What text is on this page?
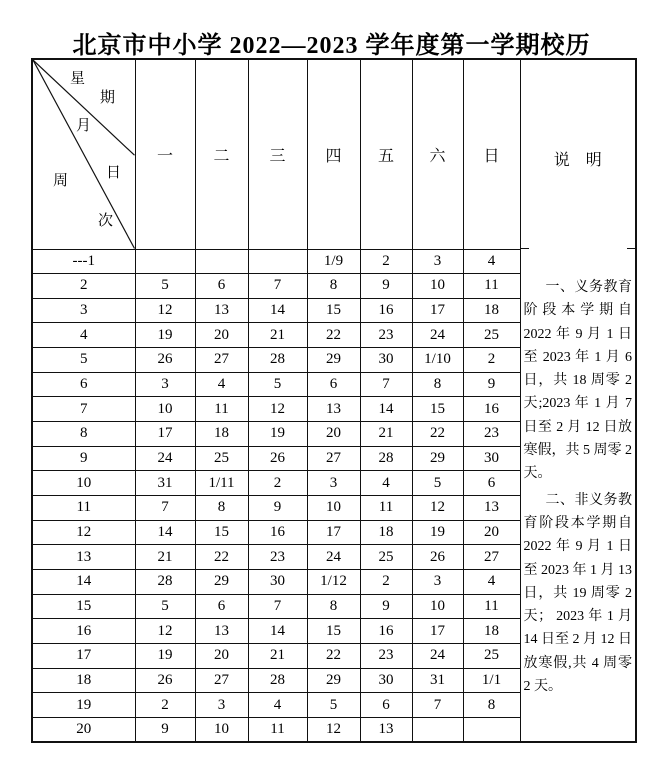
北京市中小学 2022—2023 学年度第一学期校历
星
期
月
日
周
次
	一	二	三	四	五	六	日	说　明
一、义务教育
阶段本学期自
2022 年 9 月 1 日
至 2023 年 1 月 6
日，共 18 周零 2
天;2023 年 1 月 7
日至 2 月 12 日放
寒假，共 5 周零 2
天。
二、非义务教
育阶段本学期自
2022 年 9 月 1 日
至 2023 年 1 月 13
日，共 19 周零 2
天； 2023 年 1 月
14 日至 2 月 12 日
放寒假,共 4 周零
2 天。

---1				1/9	2	3	4	
2	5	6	7	8	9	10	11	
3	12	13	14	15	16	17	18	
4	19	20	21	22	23	24	25	
5	26	27	28	29	30	1/10	2	
6	3	4	5	6	7	8	9	
7	10	11	12	13	14	15	16	
8	17	18	19	20	21	22	23	
9	24	25	26	27	28	29	30	
10	31	1/11	2	3	4	5	6	
11	7	8	9	10	11	12	13	
12	14	15	16	17	18	19	20	
13	21	22	23	24	25	26	27	
14	28	29	30	1/12	2	3	4	
15	5	6	7	8	9	10	11	
16	12	13	14	15	16	17	18	
17	19	20	21	22	23	24	25	
18	26	27	28	29	30	31	1/1	
19	2	3	4	5	6	7	8	
20	9	10	11	12	13			
